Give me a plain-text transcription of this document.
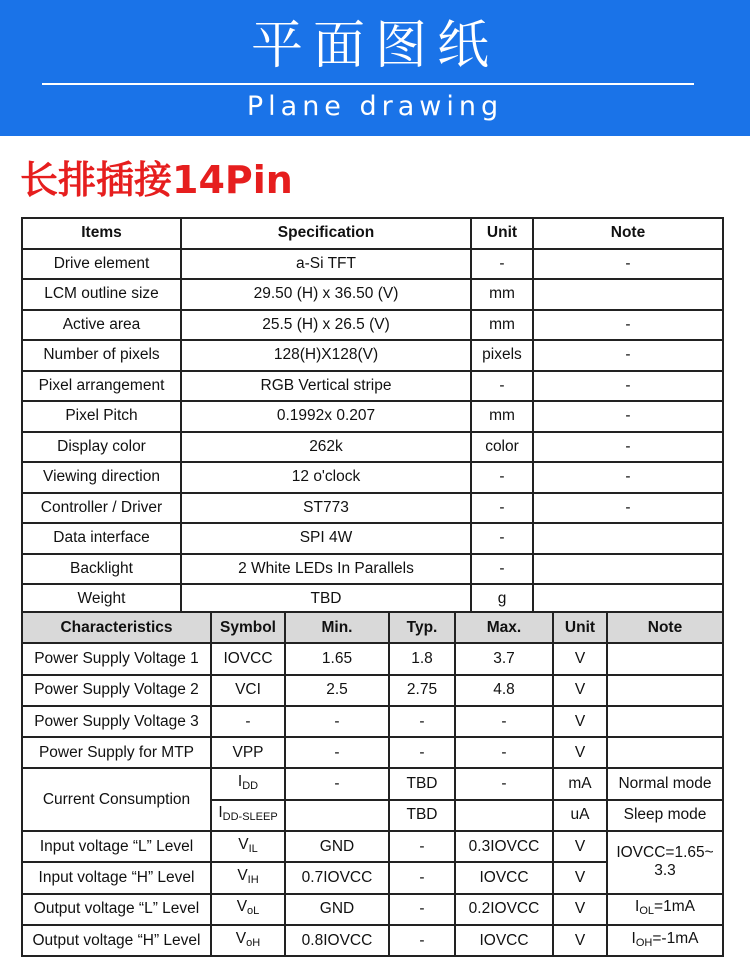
平面图纸
Plane drawing
长排插接14Pin
Items	Specification	Unit	Note
Drive element	a-Si TFT	-	-
LCM outline size	29.50 (H) x 36.50 (V)	mm	
Active area	25.5 (H) x 26.5 (V)	mm	-
Number of pixels	128(H)X128(V)	pixels	-
Pixel arrangement	RGB Vertical stripe	-	-
Pixel Pitch	0.1992x 0.207	mm	-
Display color	262k	color	-
Viewing direction	12 o'clock	-	-
Controller / Driver	ST773	-	-
Data interface	SPI 4W	-	
Backlight	2 White LEDs In Parallels	-	
Weight	TBD	g	
Characteristics	Symbol	Min.	Typ.	Max.	Unit	Note
Power Supply Voltage 1	IOVCC	1.65	1.8	3.7	V	
Power Supply Voltage 2	VCI	2.5	2.75	4.8	V	
Power Supply Voltage 3	-	-	-	-	V	
Power Supply for MTP	VPP	-	-	-	V	
Current Consumption	$I_{DD}$	-	TBD	-	mA	Normal mode
	$I_{DD-SLEEP}$		TBD		uA	Sleep mode
Input voltage “L” Level	$V_{IL}$	GND	-	0.3IOVCC	V	IOVCC=1.65~ 3.3
Input voltage “H” Level	$V_{IH}$	0.7IOVCC	-	IOVCC	V	
Output voltage “L” Level	$V_{oL}$	GND	-	0.2IOVCC	V	$I_{OL}=1mA$
Output voltage “H” Level	$V_{oH}$	0.8IOVCC	-	IOVCC	V	$I_{OH}=-1mA$
